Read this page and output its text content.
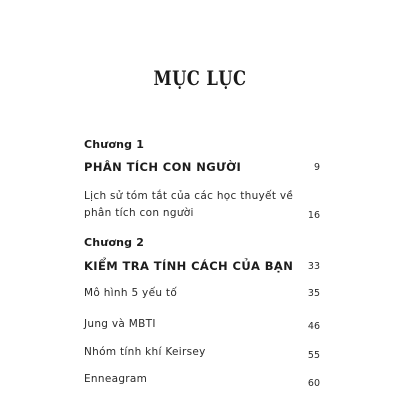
MỤC LỤC
Chương 1
PHÂN TÍCH CON NGƯỜI	9
Lịch sử tóm tắt của các học thuyết về
phân tích con người	16
Chương 2
KIỂM TRA TÍNH CÁCH CỦA BẠN	33
Mô hình 5 yếu tố	35
Jung và MBTI	46
Nhóm tính khí Keirsey	55
Enneagram	60
